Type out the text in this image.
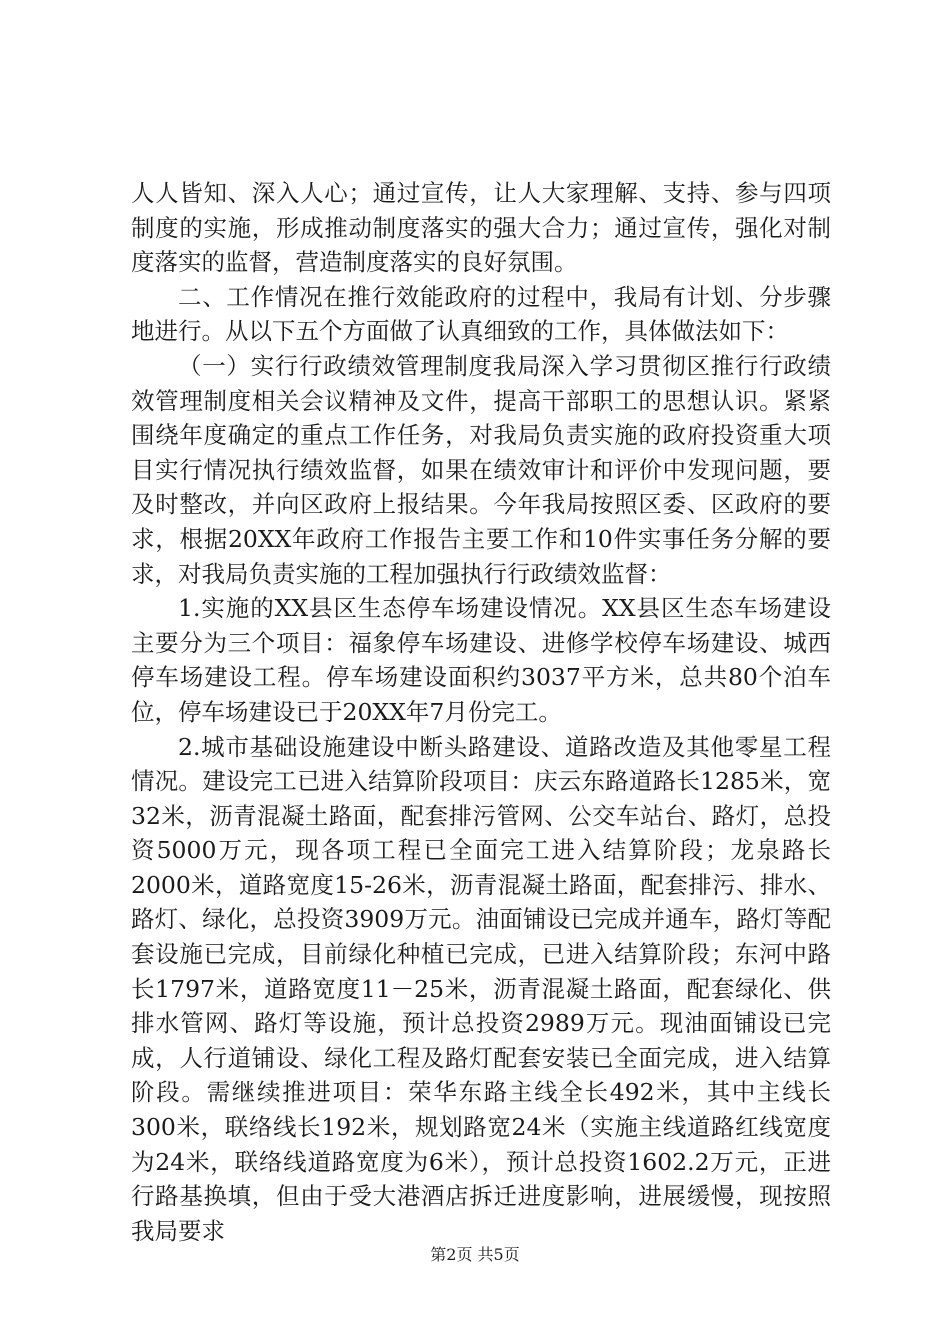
人人皆知、深入人心；通过宣传，让人大家理解、支持、参与四项制度的实施，形成推动制度落实的强大合力；通过宣传，强化对制度落实的监督，营造制度落实的良好氛围。

二、工作情况在推行效能政府的过程中，我局有计划、分步骤地进行。从以下五个方面做了认真细致的工作，具体做法如下：

（一）实行行政绩效管理制度我局深入学习贯彻区推行行政绩效管理制度相关会议精神及文件，提高干部职工的思想认识。紧紧围绕年度确定的重点工作任务，对我局负责实施的政府投资重大项目实行情况执行绩效监督，如果在绩效审计和评价中发现问题，要及时整改，并向区政府上报结果。今年我局按照区委、区政府的要求，根据20XX年政府工作报告主要工作和10件实事任务分解的要求，对我局负责实施的工程加强执行行政绩效监督：

1.实施的XX县区生态停车场建设情况。XX县区生态车场建设主要分为三个项目：福象停车场建设、进修学校停车场建设、城西停车场建设工程。停车场建设面积约3037平方米，总共80个泊车位，停车场建设已于20XX年7月份完工。

2.城市基础设施建设中断头路建设、道路改造及其他零星工程情况。建设完工已进入结算阶段项目：庆云东路道路长1285米，宽32米，沥青混凝土路面，配套排污管网、公交车站台、路灯，总投资5000万元，现各项工程已全面完工进入结算阶段；龙泉路长2000米，道路宽度15-26米，沥青混凝土路面，配套排污、排水、路灯、绿化，总投资3909万元。油面铺设已完成并通车，路灯等配套设施已完成，目前绿化种植已完成，已进入结算阶段；东河中路长1797米，道路宽度11－25米，沥青混凝土路面，配套绿化、供排水管网、路灯等设施，预计总投资2989万元。现油面铺设已完成，人行道铺设、绿化工程及路灯配套安装已全面完成，进入结算阶段。需继续推进项目：荣华东路主线全长492米，其中主线长300米，联络线长192米，规划路宽24米（实施主线道路红线宽度为24米，联络线道路宽度为6米），预计总投资1602.2万元，正进行路基换填，但由于受大港酒店拆迁进度影响，进展缓慢，现按照我局要求

第2页 共5页
